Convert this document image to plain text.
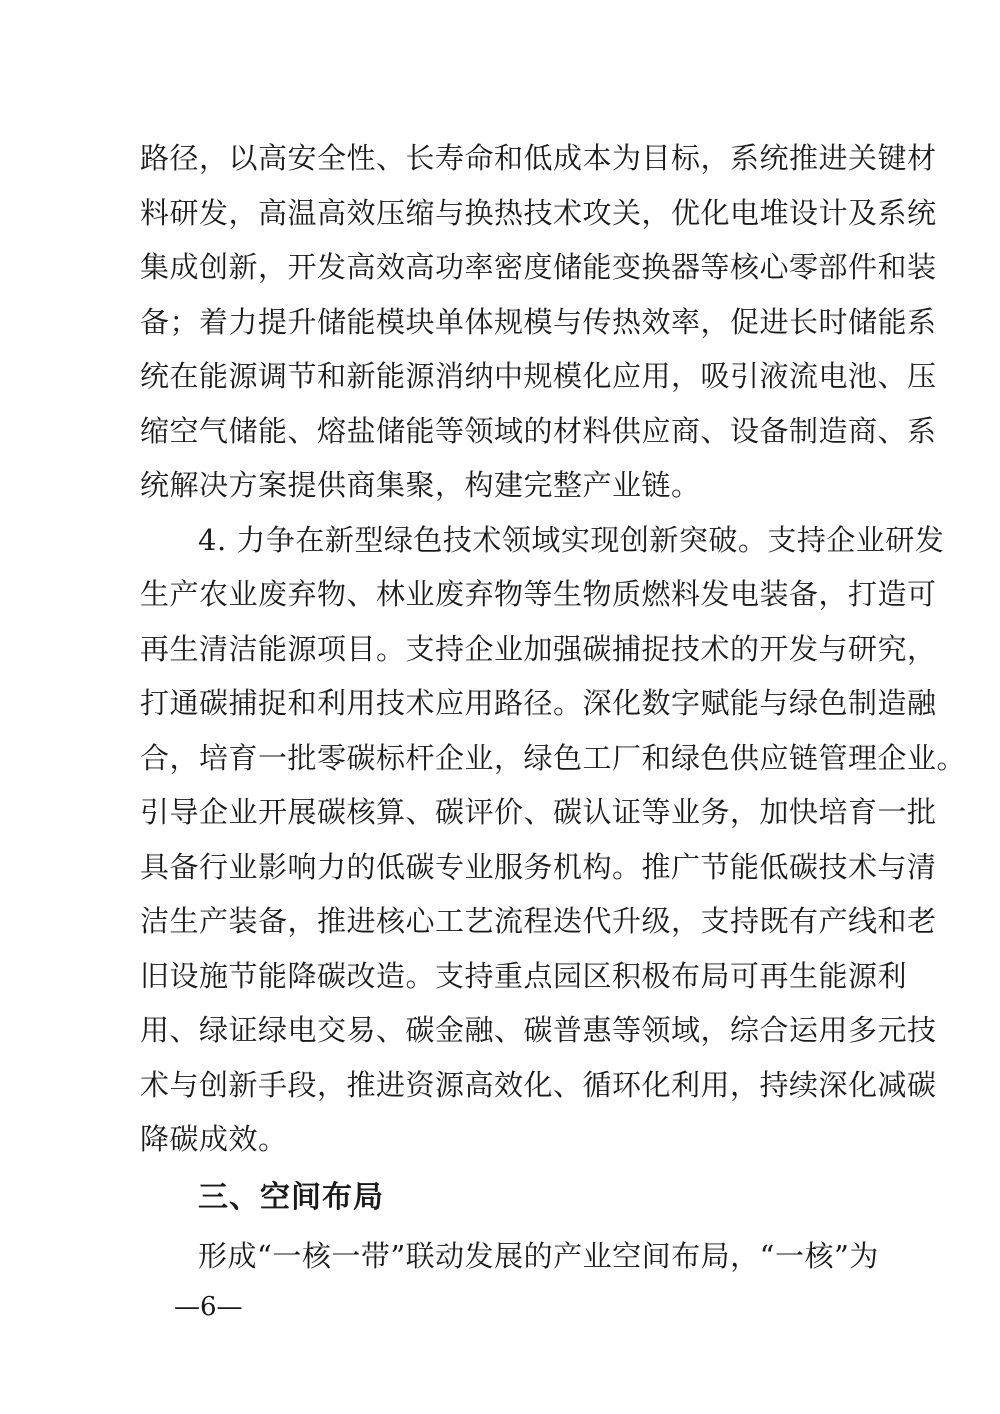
路径，以高安全性、长寿命和低成本为目标，系统推进关键材
料研发，高温高效压缩与换热技术攻关，优化电堆设计及系统
集成创新，开发高效高功率密度储能变换器等核心零部件和装
备；着力提升储能模块单体规模与传热效率，促进长时储能系
统在能源调节和新能源消纳中规模化应用，吸引液流电池、压
缩空气储能、熔盐储能等领域的材料供应商、设备制造商、系
统解决方案提供商集聚，构建完整产业链。
4. 力争在新型绿色技术领域实现创新突破。支持企业研发
生产农业废弃物、林业废弃物等生物质燃料发电装备，打造可
再生清洁能源项目。支持企业加强碳捕捉技术的开发与研究，
打通碳捕捉和利用技术应用路径。深化数字赋能与绿色制造融
合，培育一批零碳标杆企业，绿色工厂和绿色供应链管理企业。
引导企业开展碳核算、碳评价、碳认证等业务，加快培育一批
具备行业影响力的低碳专业服务机构。推广节能低碳技术与清
洁生产装备，推进核心工艺流程迭代升级，支持既有产线和老
旧设施节能降碳改造。支持重点园区积极布局可再生能源利
用、绿证绿电交易、碳金融、碳普惠等领域，综合运用多元技
术与创新手段，推进资源高效化、循环化利用，持续深化减碳
降碳成效。
三、空间布局
形成“一核一带”联动发展的产业空间布局，“一核”为
—6—
